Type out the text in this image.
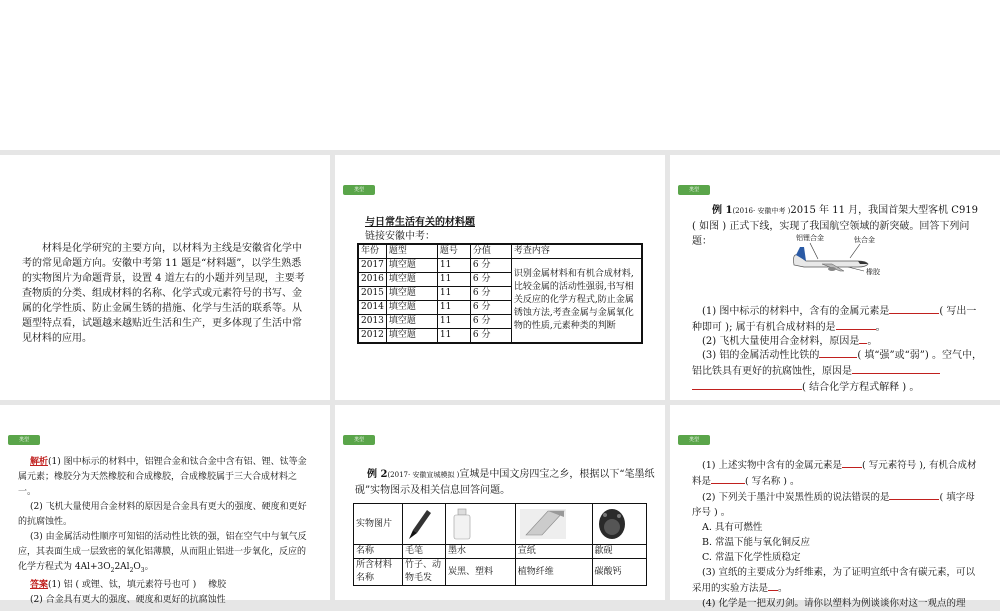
材料是化学研究的主要方向，以材料为主线是安徽省化学中考的常见命题方向。安徽中考第 11 题是“材料题”，以学生熟悉的实物图片为命题背景，设置 4 道左右的小题并列呈现，主要考查物质的分类、组成材料的名称、化学式或元素符号的书写、金属的化学性质、防止金属生锈的措施、化学与生活的联系等。从题型特点看，试题越来越贴近生活和生产，更多体现了生活中常见材料的应用。

类型
与日常生活有关的材料题
链接安徽中考：
年份	题型	题号	分值	考查内容
2017	填空题	11	6 分	识别金属材料和有机合成材料,比较金属的活动性强弱,书写相关反应的化学方程式,防止金属锈蚀方法,考查金属与金属氧化物的性质,元素种类的判断
2016	填空题	11	6 分	
2015	填空题	11	6 分	
2014	填空题	11	6 分	
2013	填空题	11	6 分	
2012	填空题	11	6 分	
类型

例 1(2016· 安徽中考 )2015 年 11 月，我国首架大型客机 C919 ( 如图 ) 正式下线，实现了我国航空领域的新突破。回答下列问题：	铝锂合金	钛合金
橡胶
(1) 图中标示的材料中，含有的金属元素是	( 写出一种即可 ); 属于有机合成材料的是	。
(2) 飞机大量使用合金材料，原因是 。
(3) 铝的金属活动性比铁的	( 填“强”或“弱”) 。空气中，铝比铁具有更好的抗腐蚀性，原因是( 结合化学方程式解释 ) 。
类型
解析(1) 图中标示的材料中，铝锂合金和钛合金中含有铝、锂、钛等金属元素；橡胶分为天然橡胶和合成橡胶，合成橡胶属于三大合成材料之一。
(2) 飞机大量使用合金材料的原因是合金具有更大的强度、硬度和更好的抗腐蚀性。
(3) 由金属活动性顺序可知铝的活动性比铁的强，铝在空气中与氧气反应，其表面生成一层致密的氧化铝薄膜，从而阻止铝进一步氧化，反应的化学方程式为 $4Al+3O_22Al_2O_3$。
答案(1) 铝 ( 或锂、钛，填元素符号也可 )　 橡胶
(2) 合金具有更大的强度、硬度和更好的抗腐蚀性
类型

例 2(2017· 安徽宣城模拟 )宣城是中国文房四宝之乡，根据以下“笔墨纸砚”实物图示及相关信息回答问题。

实物图片	

名称	毛笔	墨水	宣纸	歙砚
所含材料名称	竹子、动物毛发	炭黑、塑料	植物纤维	碳酸钙
类型
(1) 上述实物中含有的金属元素是 ( 写元素符号 ), 有机合成材料是	( 写名称 ) 。
(2) 下列关于墨汁中炭黑性质的说法错误的是	( 填字母序号 ) 。
A. 具有可燃性
B. 常温下能与氧化铜反应
C. 常温下化学性质稳定
(3) 宣纸的主要成分为纤维素，为了证明宣纸中含有碳元素，可以采用的实验方法是 。
(4) 化学是一把双刃剑。请你以塑料为例谈谈你对这一观点的理
